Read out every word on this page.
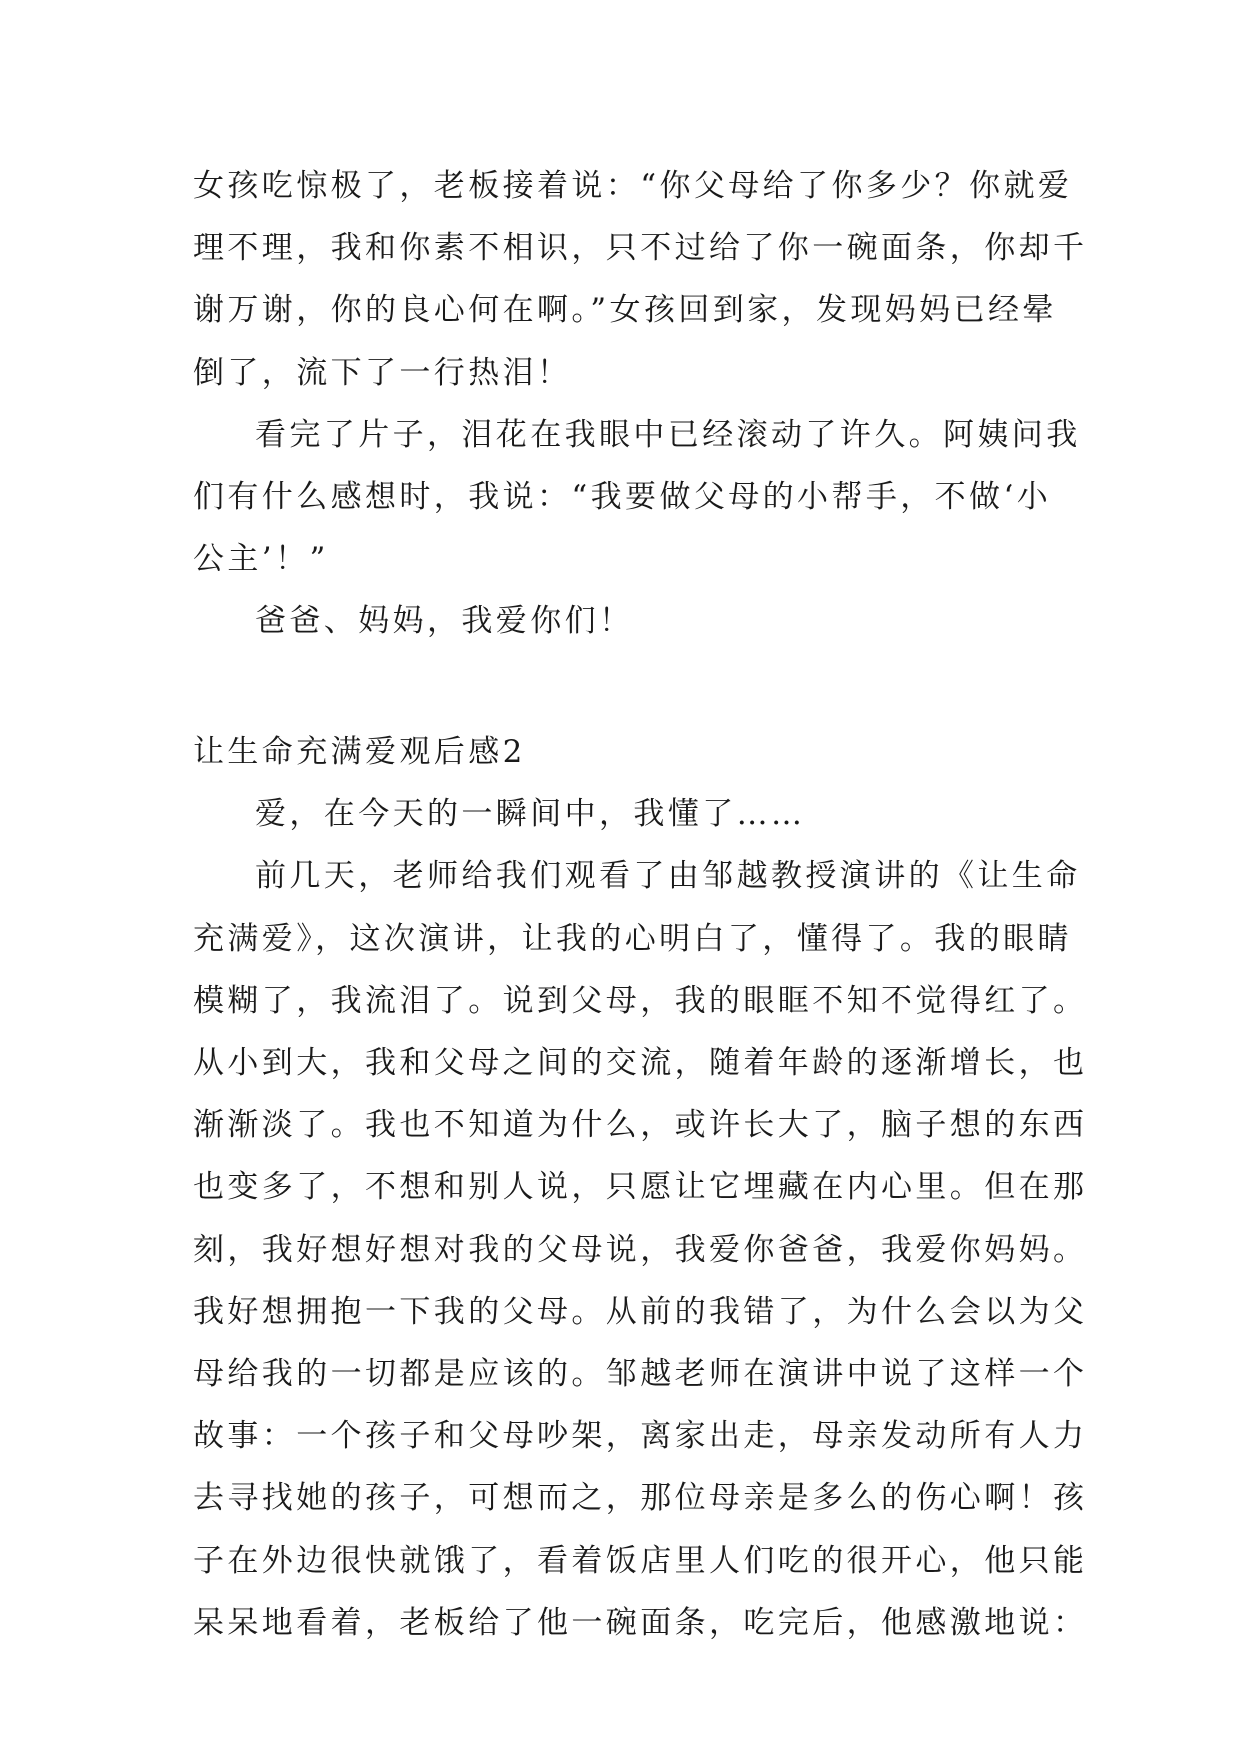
女孩吃惊极了，老板接着说：“你父母给了你多少？你就爱
理不理，我和你素不相识，只不过给了你一碗面条，你却千
谢万谢，你的良心何在啊。”女孩回到家，发现妈妈已经晕
倒了，流下了一行热泪！
看完了片子，泪花在我眼中已经滚动了许久。阿姨问我
们有什么感想时，我说：“我要做父母的小帮手，不做‘小
公主’！”
爸爸、妈妈，我爱你们！
让生命充满爱观后感2
爱，在今天的一瞬间中，我懂了……
前几天，老师给我们观看了由邹越教授演讲的《让生命
充满爱》，这次演讲，让我的心明白了，懂得了。我的眼睛
模糊了，我流泪了。说到父母，我的眼眶不知不觉得红了。
从小到大，我和父母之间的交流，随着年龄的逐渐增长，也
渐渐淡了。我也不知道为什么，或许长大了，脑子想的东西
也变多了，不想和别人说，只愿让它埋藏在内心里。但在那
刻，我好想好想对我的父母说，我爱你爸爸，我爱你妈妈。
我好想拥抱一下我的父母。从前的我错了，为什么会以为父
母给我的一切都是应该的。邹越老师在演讲中说了这样一个
故事：一个孩子和父母吵架，离家出走，母亲发动所有人力
去寻找她的孩子，可想而之，那位母亲是多么的伤心啊！孩
子在外边很快就饿了，看着饭店里人们吃的很开心，他只能
呆呆地看着，老板给了他一碗面条，吃完后，他感激地说：
